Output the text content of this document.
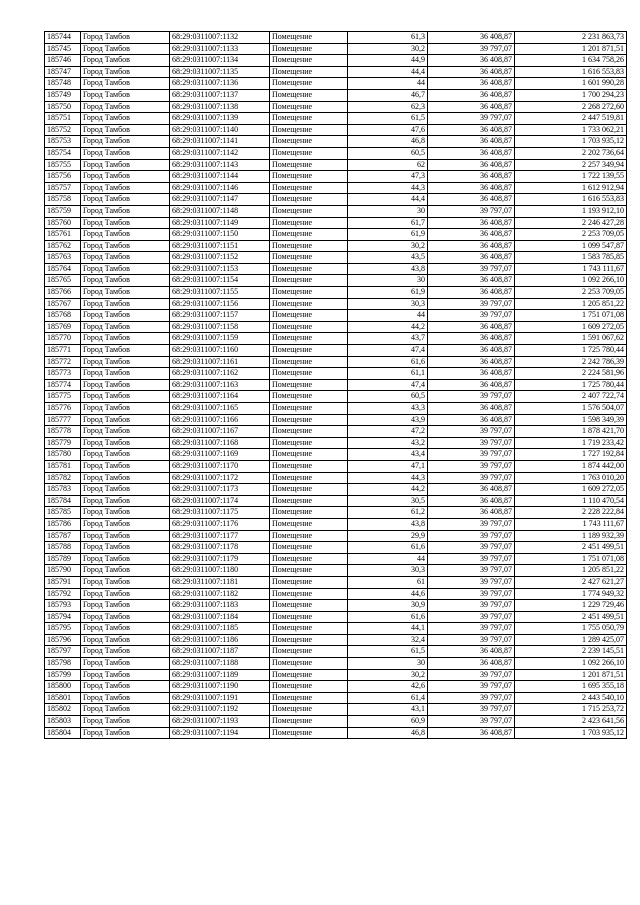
185744	Город Тамбов	68:29:0311007:1132	Помещение	61,3	36 408,87	2 231 863,73
185745	Город Тамбов	68:29:0311007:1133	Помещение	30,2	39 797,07	1 201 871,51
185746	Город Тамбов	68:29:0311007:1134	Помещение	44,9	36 408,87	1 634 758,26
185747	Город Тамбов	68:29:0311007:1135	Помещение	44,4	36 408,87	1 616 553,83
185748	Город Тамбов	68:29:0311007:1136	Помещение	44	36 408,87	1 601 990,28
185749	Город Тамбов	68:29:0311007:1137	Помещение	46,7	36 408,87	1 700 294,23
185750	Город Тамбов	68:29:0311007:1138	Помещение	62,3	36 408,87	2 268 272,60
185751	Город Тамбов	68:29:0311007:1139	Помещение	61,5	39 797,07	2 447 519,81
185752	Город Тамбов	68:29:0311007:1140	Помещение	47,6	36 408,87	1 733 062,21
185753	Город Тамбов	68:29:0311007:1141	Помещение	46,8	36 408,87	1 703 935,12
185754	Город Тамбов	68:29:0311007:1142	Помещение	60,5	36 408,87	2 202 736,64
185755	Город Тамбов	68:29:0311007:1143	Помещение	62	36 408,87	2 257 349,94
185756	Город Тамбов	68:29:0311007:1144	Помещение	47,3	36 408,87	1 722 139,55
185757	Город Тамбов	68:29:0311007:1146	Помещение	44,3	36 408,87	1 612 912,94
185758	Город Тамбов	68:29:0311007:1147	Помещение	44,4	36 408,87	1 616 553,83
185759	Город Тамбов	68:29:0311007:1148	Помещение	30	39 797,07	1 193 912,10
185760	Город Тамбов	68:29:0311007:1149	Помещение	61,7	36 408,87	2 246 427,28
185761	Город Тамбов	68:29:0311007:1150	Помещение	61,9	36 408,87	2 253 709,05
185762	Город Тамбов	68:29:0311007:1151	Помещение	30,2	36 408,87	1 099 547,87
185763	Город Тамбов	68:29:0311007:1152	Помещение	43,5	36 408,87	1 583 785,85
185764	Город Тамбов	68:29:0311007:1153	Помещение	43,8	39 797,07	1 743 111,67
185765	Город Тамбов	68:29:0311007:1154	Помещение	30	36 408,87	1 092 266,10
185766	Город Тамбов	68:29:0311007:1155	Помещение	61,9	36 408,87	2 253 709,05
185767	Город Тамбов	68:29:0311007:1156	Помещение	30,3	39 797,07	1 205 851,22
185768	Город Тамбов	68:29:0311007:1157	Помещение	44	39 797,07	1 751 071,08
185769	Город Тамбов	68:29:0311007:1158	Помещение	44,2	36 408,87	1 609 272,05
185770	Город Тамбов	68:29:0311007:1159	Помещение	43,7	36 408,87	1 591 067,62
185771	Город Тамбов	68:29:0311007:1160	Помещение	47,4	36 408,87	1 725 780,44
185772	Город Тамбов	68:29:0311007:1161	Помещение	61,6	36 408,87	2 242 786,39
185773	Город Тамбов	68:29:0311007:1162	Помещение	61,1	36 408,87	2 224 581,96
185774	Город Тамбов	68:29:0311007:1163	Помещение	47,4	36 408,87	1 725 780,44
185775	Город Тамбов	68:29:0311007:1164	Помещение	60,5	39 797,07	2 407 722,74
185776	Город Тамбов	68:29:0311007:1165	Помещение	43,3	36 408,87	1 576 504,07
185777	Город Тамбов	68:29:0311007:1166	Помещение	43,9	36 408,87	1 598 349,39
185778	Город Тамбов	68:29:0311007:1167	Помещение	47,2	39 797,07	1 878 421,70
185779	Город Тамбов	68:29:0311007:1168	Помещение	43,2	39 797,07	1 719 233,42
185780	Город Тамбов	68:29:0311007:1169	Помещение	43,4	39 797,07	1 727 192,84
185781	Город Тамбов	68:29:0311007:1170	Помещение	47,1	39 797,07	1 874 442,00
185782	Город Тамбов	68:29:0311007:1172	Помещение	44,3	39 797,07	1 763 010,20
185783	Город Тамбов	68:29:0311007:1173	Помещение	44,2	36 408,87	1 609 272,05
185784	Город Тамбов	68:29:0311007:1174	Помещение	30,5	36 408,87	1 110 470,54
185785	Город Тамбов	68:29:0311007:1175	Помещение	61,2	36 408,87	2 228 222,84
185786	Город Тамбов	68:29:0311007:1176	Помещение	43,8	39 797,07	1 743 111,67
185787	Город Тамбов	68:29:0311007:1177	Помещение	29,9	39 797,07	1 189 932,39
185788	Город Тамбов	68:29:0311007:1178	Помещение	61,6	39 797,07	2 451 499,51
185789	Город Тамбов	68:29:0311007:1179	Помещение	44	39 797,07	1 751 071,08
185790	Город Тамбов	68:29:0311007:1180	Помещение	30,3	39 797,07	1 205 851,22
185791	Город Тамбов	68:29:0311007:1181	Помещение	61	39 797,07	2 427 621,27
185792	Город Тамбов	68:29:0311007:1182	Помещение	44,6	39 797,07	1 774 949,32
185793	Город Тамбов	68:29:0311007:1183	Помещение	30,9	39 797,07	1 229 729,46
185794	Город Тамбов	68:29:0311007:1184	Помещение	61,6	39 797,07	2 451 499,51
185795	Город Тамбов	68:29:0311007:1185	Помещение	44,1	39 797,07	1 755 050,79
185796	Город Тамбов	68:29:0311007:1186	Помещение	32,4	39 797,07	1 289 425,07
185797	Город Тамбов	68:29:0311007:1187	Помещение	61,5	36 408,87	2 239 145,51
185798	Город Тамбов	68:29:0311007:1188	Помещение	30	36 408,87	1 092 266,10
185799	Город Тамбов	68:29:0311007:1189	Помещение	30,2	39 797,07	1 201 871,51
185800	Город Тамбов	68:29:0311007:1190	Помещение	42,6	39 797,07	1 695 355,18
185801	Город Тамбов	68:29:0311007:1191	Помещение	61,4	39 797,07	2 443 540,10
185802	Город Тамбов	68:29:0311007:1192	Помещение	43,1	39 797,07	1 715 253,72
185803	Город Тамбов	68:29:0311007:1193	Помещение	60,9	39 797,07	2 423 641,56
185804	Город Тамбов	68:29:0311007:1194	Помещение	46,8	36 408,87	1 703 935,12
